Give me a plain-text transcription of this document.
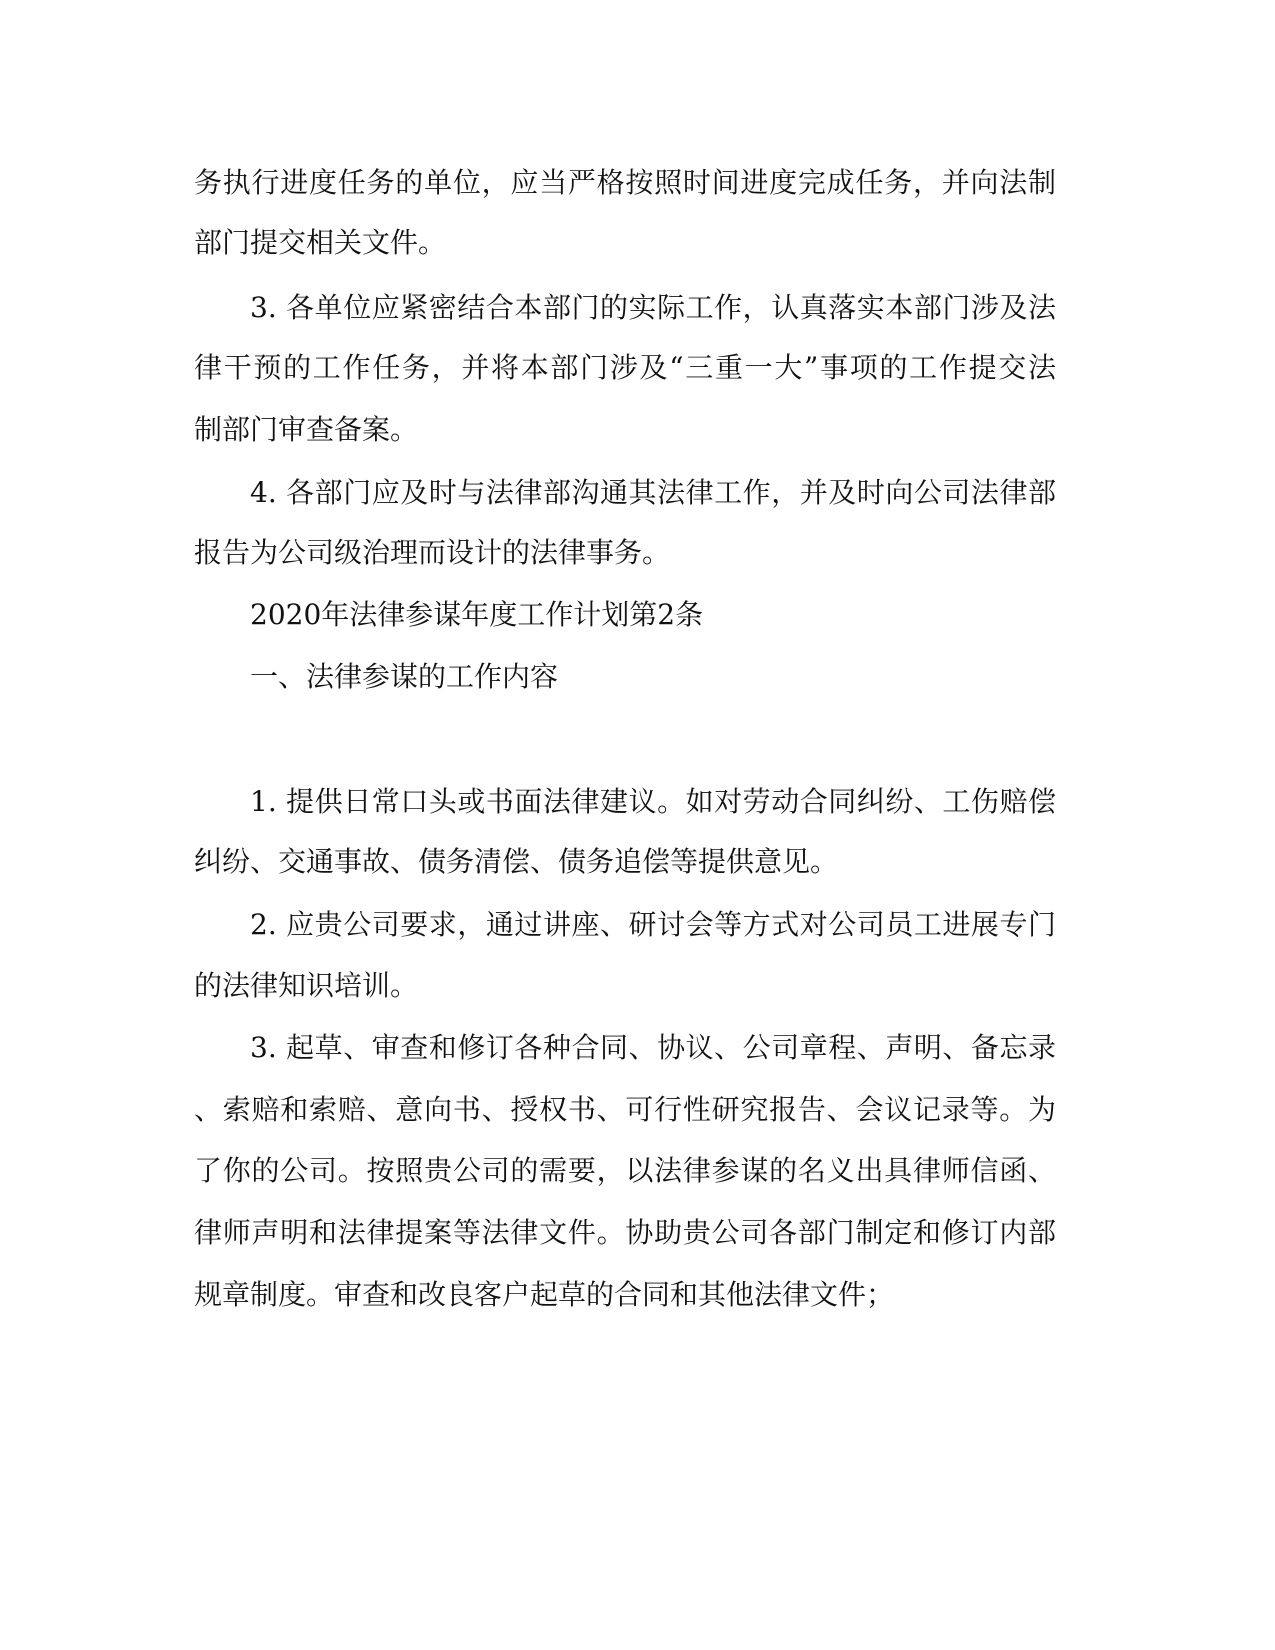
务执行进度任务的单位，应当严格按照时间进度完成任务，并向法制
部门提交相关文件。
3. 各单位应紧密结合本部门的实际工作，认真落实本部门涉及法
律干预的工作任务，并将本部门涉及“三重一大”事项的工作提交法
制部门审查备案。
4. 各部门应及时与法律部沟通其法律工作，并及时向公司法律部
报告为公司级治理而设计的法律事务。
2020年法律参谋年度工作计划第2条
一、法律参谋的工作内容
1. 提供日常口头或书面法律建议。如对劳动合同纠纷、工伤赔偿
纠纷、交通事故、债务清偿、债务追偿等提供意见。
2. 应贵公司要求，通过讲座、研讨会等方式对公司员工进展专门
的法律知识培训。
3. 起草、审查和修订各种合同、协议、公司章程、声明、备忘录
、索赔和索赔、意向书、授权书、可行性研究报告、会议记录等。为
了你的公司。按照贵公司的需要，以法律参谋的名义出具律师信函、
律师声明和法律提案等法律文件。协助贵公司各部门制定和修订内部
规章制度。审查和改良客户起草的合同和其他法律文件；
